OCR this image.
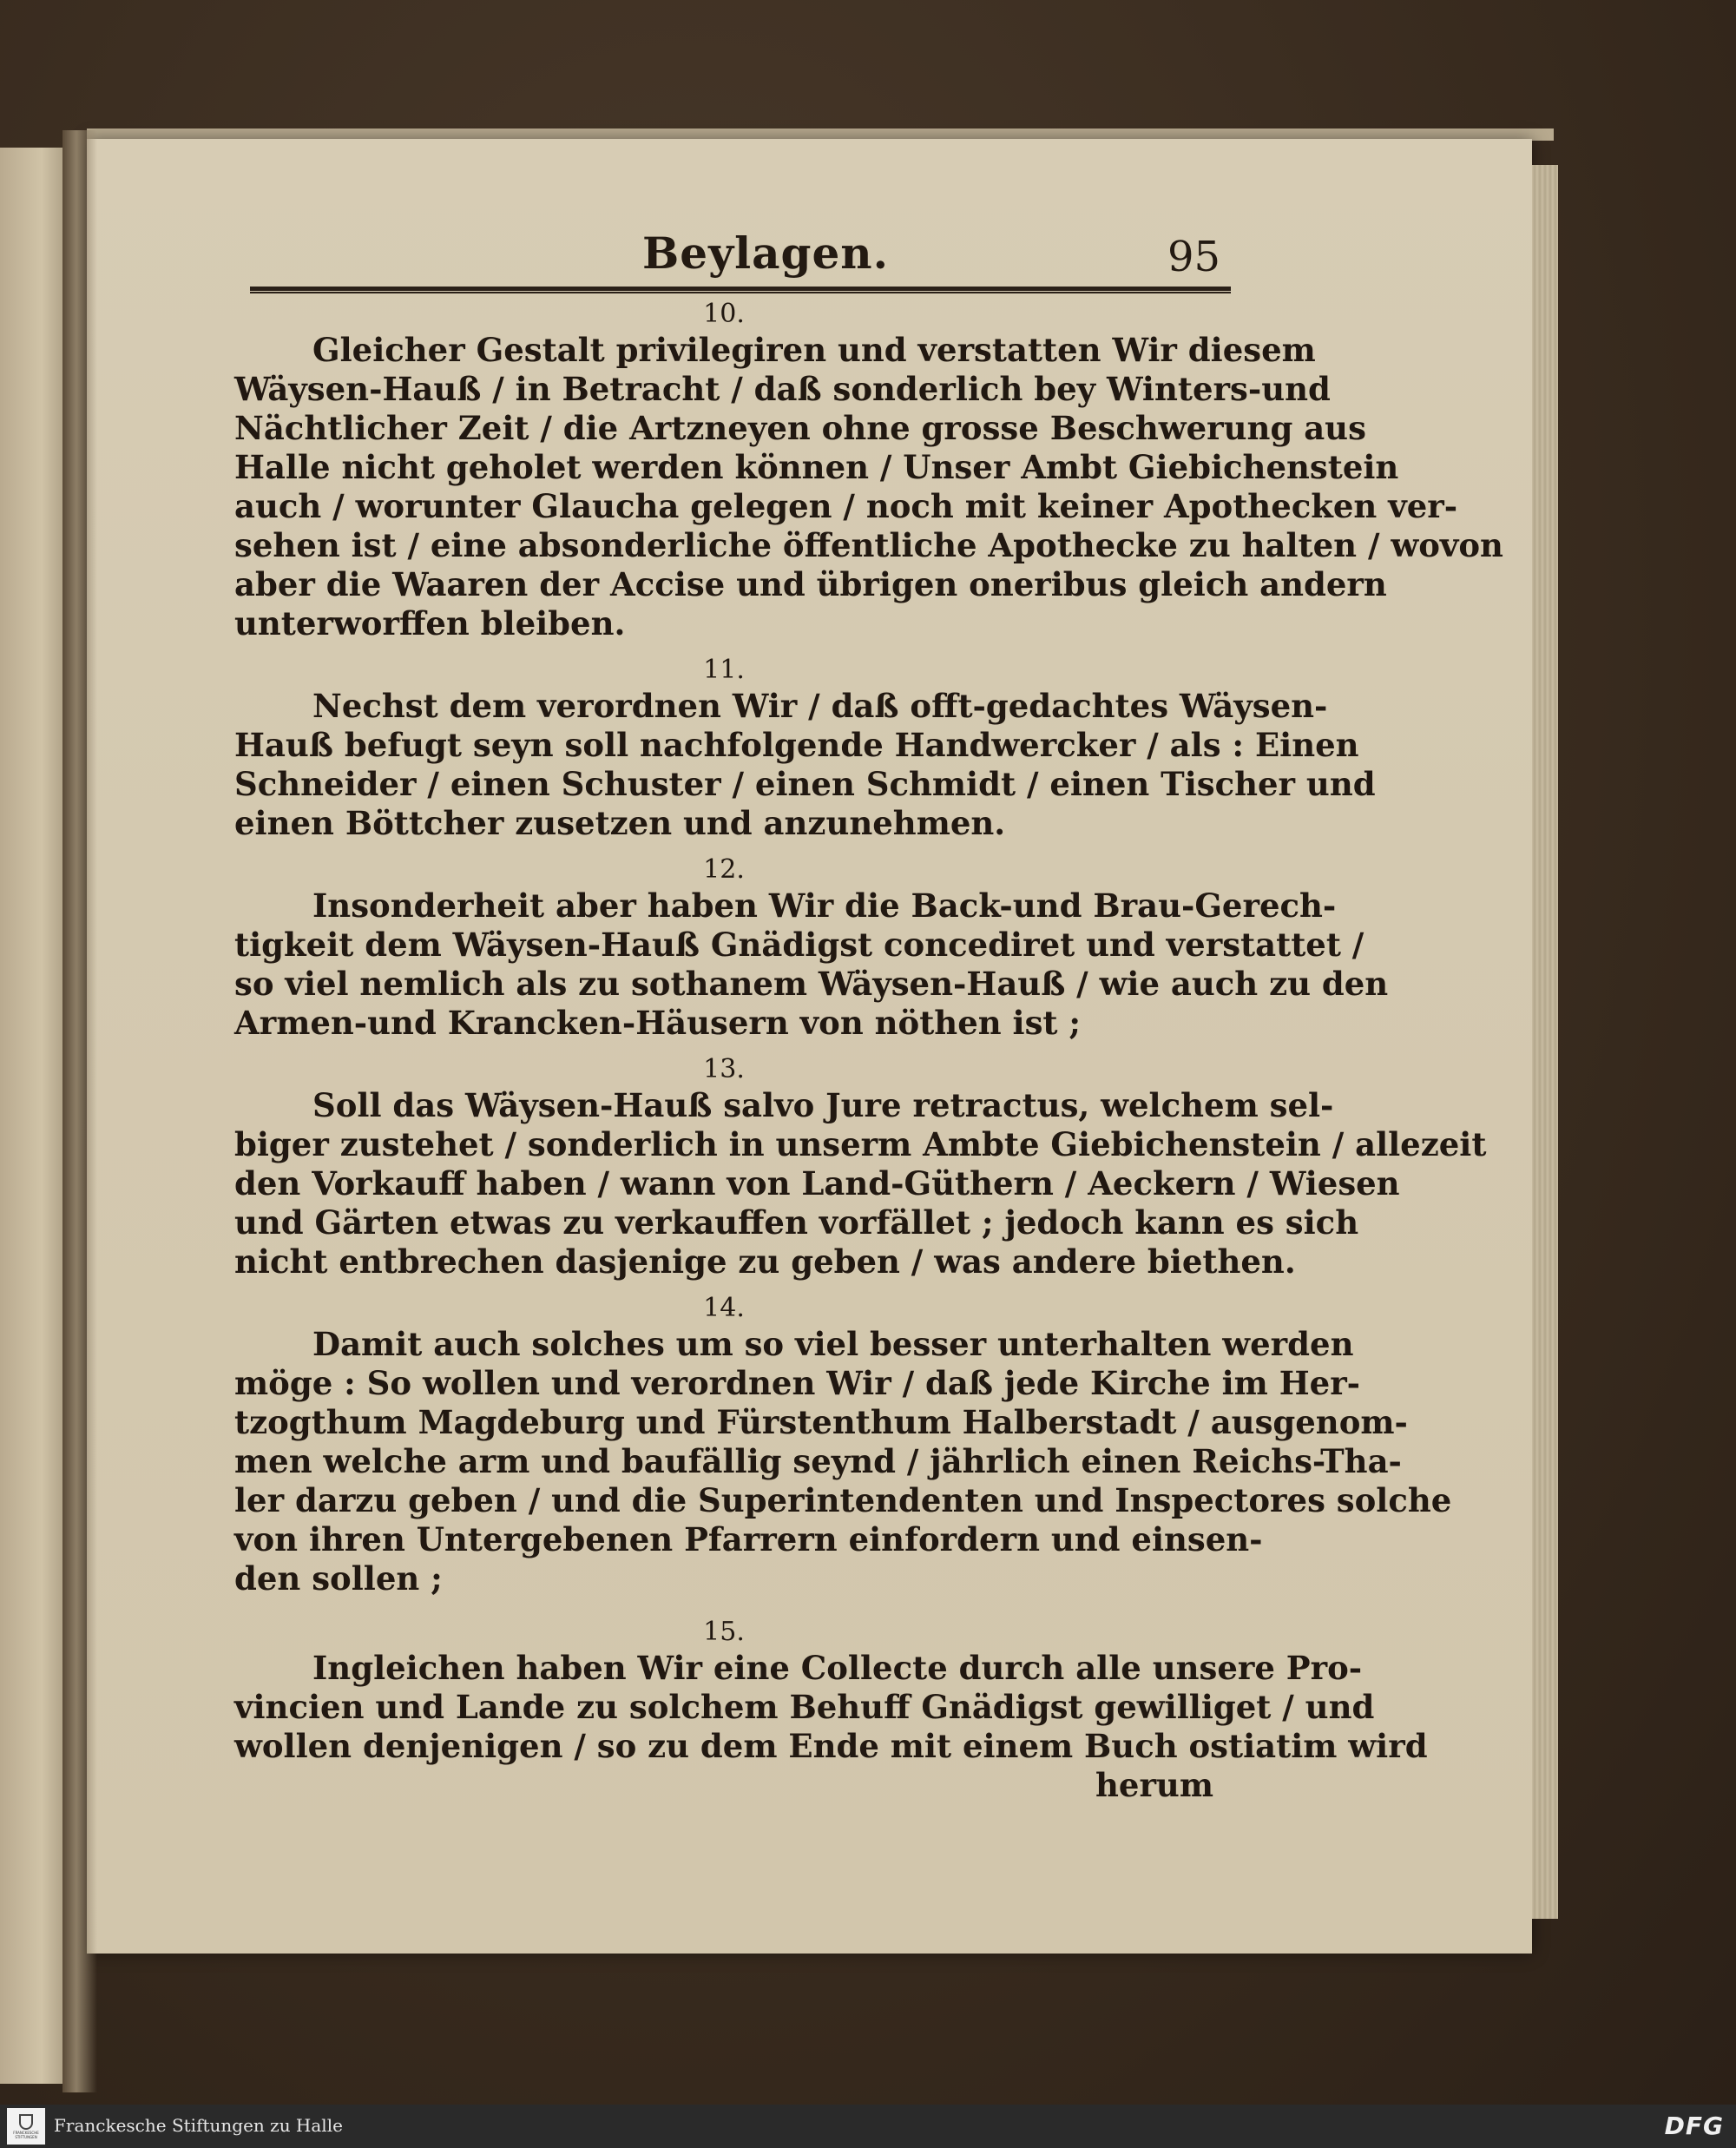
Beylagen.	95
10.
Gleicher Gestalt privilegiren und verstatten Wir diesem
Wäysen-Hauß / in Betracht / daß sonderlich bey Winters-und
Nächtlicher Zeit / die Artzneyen ohne grosse Beschwerung aus
Halle nicht geholet werden können / Unser Ambt Giebichenstein
auch / worunter Glaucha gelegen / noch mit keiner Apothecken ver-
sehen ist / eine absonderliche öffentliche Apothecke zu halten / wovon
aber die Waaren der Accise und übrigen oneribus gleich andern
unterworffen bleiben.
11.
Nechst dem verordnen Wir / daß offt-gedachtes Wäysen-
Hauß befugt seyn soll nachfolgende Handwercker / als : Einen
Schneider / einen Schuster / einen Schmidt / einen Tischer und
einen Böttcher zusetzen und anzunehmen.
12.
Insonderheit aber haben Wir die Back-und Brau-Gerech-
tigkeit dem Wäysen-Hauß Gnädigst concediret und verstattet /
so viel nemlich als zu sothanem Wäysen-Hauß / wie auch zu den
Armen-und Krancken-Häusern von nöthen ist ;
13.
Soll das Wäysen-Hauß salvo Jure retractus, welchem sel-
biger zustehet / sonderlich in unserm Ambte Giebichenstein / allezeit
den Vorkauff haben / wann von Land-Güthern / Aeckern / Wiesen
und Gärten etwas zu verkauffen vorfället ; jedoch kann es sich
nicht entbrechen dasjenige zu geben / was andere biethen.
14.
Damit auch solches um so viel besser unterhalten werden
möge : So wollen und verordnen Wir / daß jede Kirche im Her-
tzogthum Magdeburg und Fürstenthum Halberstadt / ausgenom-
men welche arm und baufällig seynd / jährlich einen Reichs-Tha-
ler darzu geben / und die Superintendenten und Inspectores solche
von ihren Untergebenen Pfarrern einfordern und einsen-
den sollen ;
15.
Ingleichen haben Wir eine Collecte durch alle unsere Pro-
vincien und Lande zu solchem Behuff Gnädigst gewilliget / und
wollen denjenigen / so zu dem Ende mit einem Buch ostiatim wird
herum
FRANCKESCHE STIFTUNGEN
Franckesche Stiftungen zu Halle	DFG
